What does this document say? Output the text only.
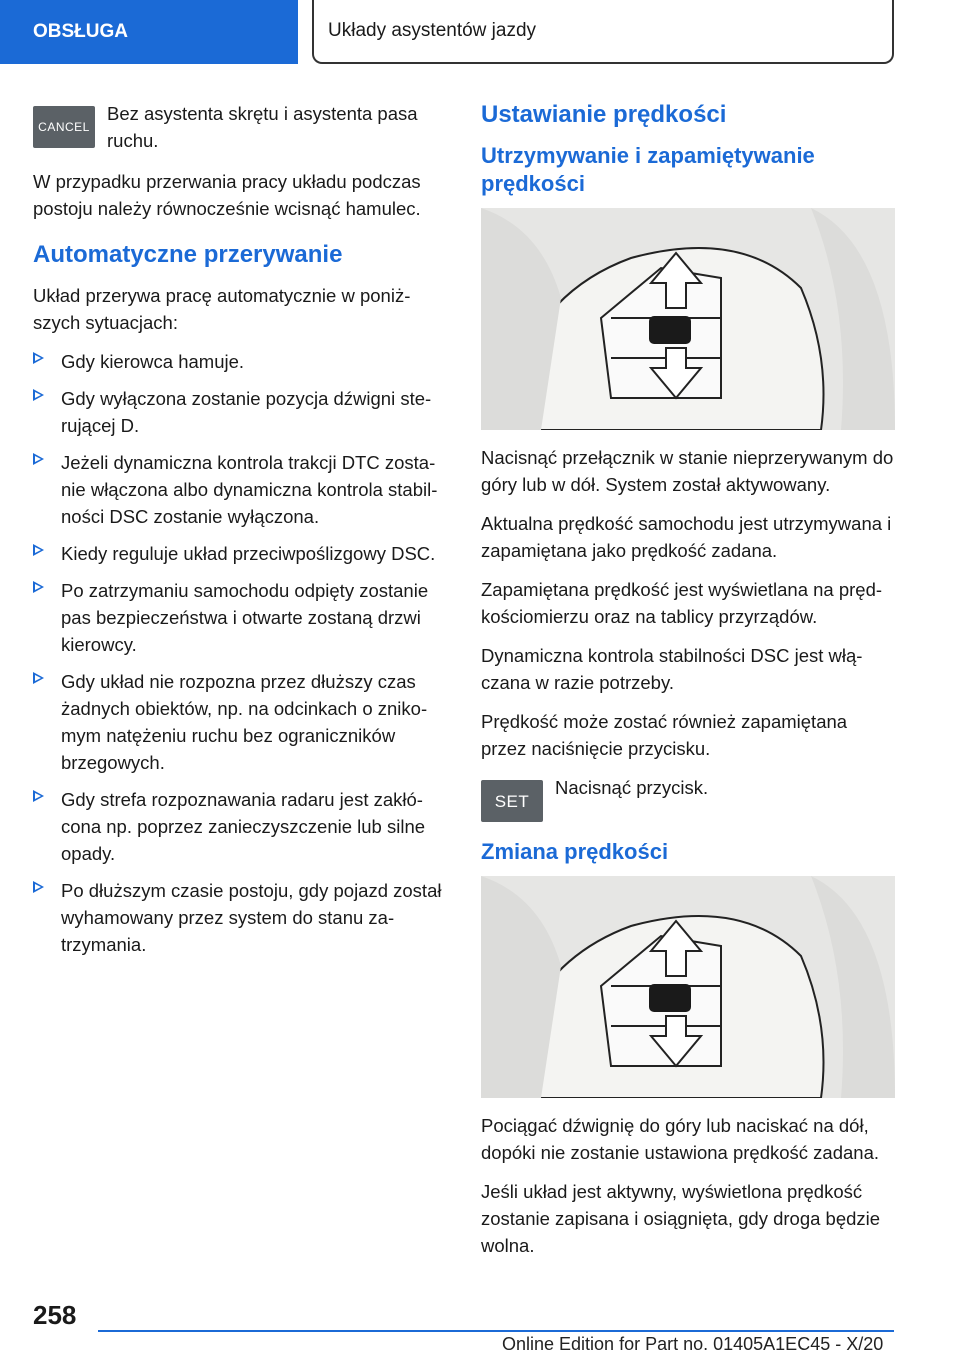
OBSŁUGA	Układy asystentów jazdy
CANCEL
Bez asystenta skrętu i asystenta pasa ruchu.

W przypadku przerwania pracy układu podczas postoju należy równocześnie wcisnąć hamulec.

Automatyczne przerywanie

Układ przerywa pracę automatycznie w poniższych sytuacjach:

Gdy kierowca hamuje.
Gdy wyłączona zostanie pozycja dźwigni sterującej D.
Jeżeli dynamiczna kontrola trakcji DTC zostanie włączona albo dynamiczna kontrola stabilności DSC zostanie wyłączona.
Kiedy reguluje układ przeciwpoślizgowy DSC.
Po zatrzymaniu samochodu odpięty zostanie pas bezpieczeństwa i otwarte zostaną drzwi kierowcy.
Gdy układ nie rozpozna przez dłuższy czas żadnych obiektów, np. na odcinkach o znikomym natężeniu ruchu bez ograniczników brzegowych.
Gdy strefa rozpoznawania radaru jest zakłócona np. poprzez zanieczyszczenie lub silne opady.
Po dłuższym czasie postoju, gdy pojazd został wyhamowany przez system do stanu zatrzymania.
Ustawianie prędkości
Utrzymywanie i zapamiętywanie prędkości

Nacisnąć przełącznik w stanie nieprzerywanym do góry lub w dół. System został aktywowany.

Aktualna prędkość samochodu jest utrzymywana i zapamiętana jako prędkość zadana.

Zapamiętana prędkość jest wyświetlana na prędkościomierzu oraz na tablicy przyrządów.

Dynamiczna kontrola stabilności DSC jest włączana w razie potrzeby.

Prędkość może zostać również zapamiętana przez naciśnięcie przycisku.

SET
Nacisnąć przycisk.
Zmiana prędkości

Pociągać dźwignię do góry lub naciskać na dół, dopóki nie zostanie ustawiona prędkość zadana.

Jeśli układ jest aktywny, wyświetlona prędkość zostanie zapisana i osiągnięta, gdy droga będzie wolna.

258
Online Edition for Part no. 01405A1EC45 - X/20
